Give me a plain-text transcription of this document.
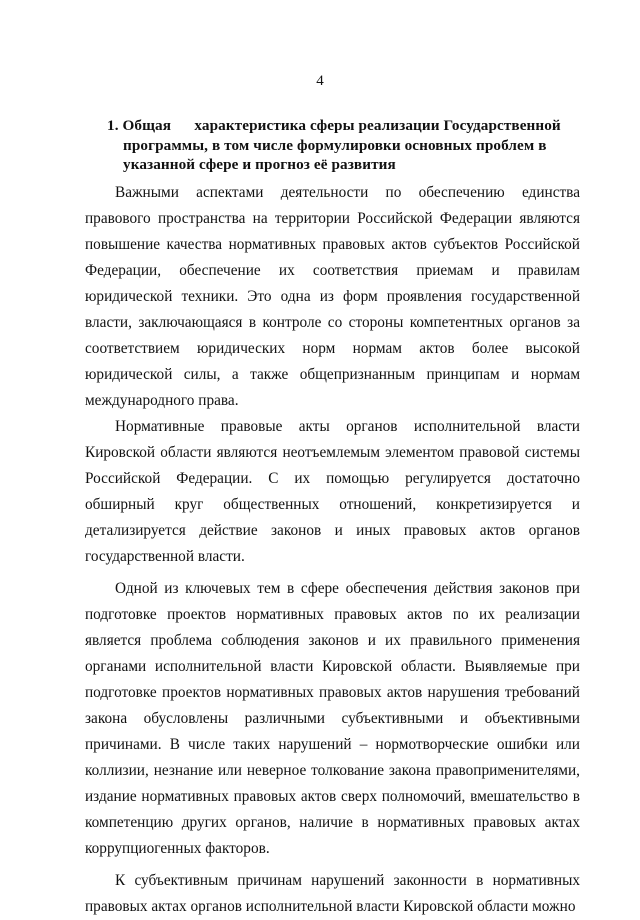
4
1. Общая      характеристика сферы реализации Государственной
программы, в том числе формулировки основных проблем в
указанной сфере и прогноз её развития

Важными аспектами деятельности по обеспечению единства правового пространства на территории Российской Федерации являются повышение качества нормативных правовых актов субъектов Российской Федерации, обеспечение их соответствия приемам и правилам юридической техники. Это одна из форм проявления государственной власти, заключающаяся в контроле со стороны компетентных органов за соответствием юридических норм нормам актов более высокой юридической силы, а также общепризнанным принципам и нормам международного права.

Нормативные правовые акты органов исполнительной власти Кировской области являются неотъемлемым элементом правовой системы Российской Федерации. С их помощью регулируется достаточно обширный круг общественных отношений, конкретизируется и детализируется действие законов и иных правовых актов органов государственной власти.

Одной из ключевых тем в сфере обеспечения действия законов при подготовке проектов нормативных правовых актов по их реализации является проблема соблюдения законов и их правильного применения органами исполнительной власти Кировской области. Выявляемые при подготовке проектов нормативных правовых актов нарушения требований закона обусловлены различными субъективными и объективными причинами. В числе таких нарушений – нормотворческие ошибки или коллизии, незнание или неверное толкование закона правоприменителями, издание нормативных правовых актов сверх полномочий, вмешательство в компетенцию других органов, наличие в нормативных правовых актах коррупциогенных факторов.

К субъективным причинам нарушений законности в нормативных правовых актах органов исполнительной власти Кировской области можно
